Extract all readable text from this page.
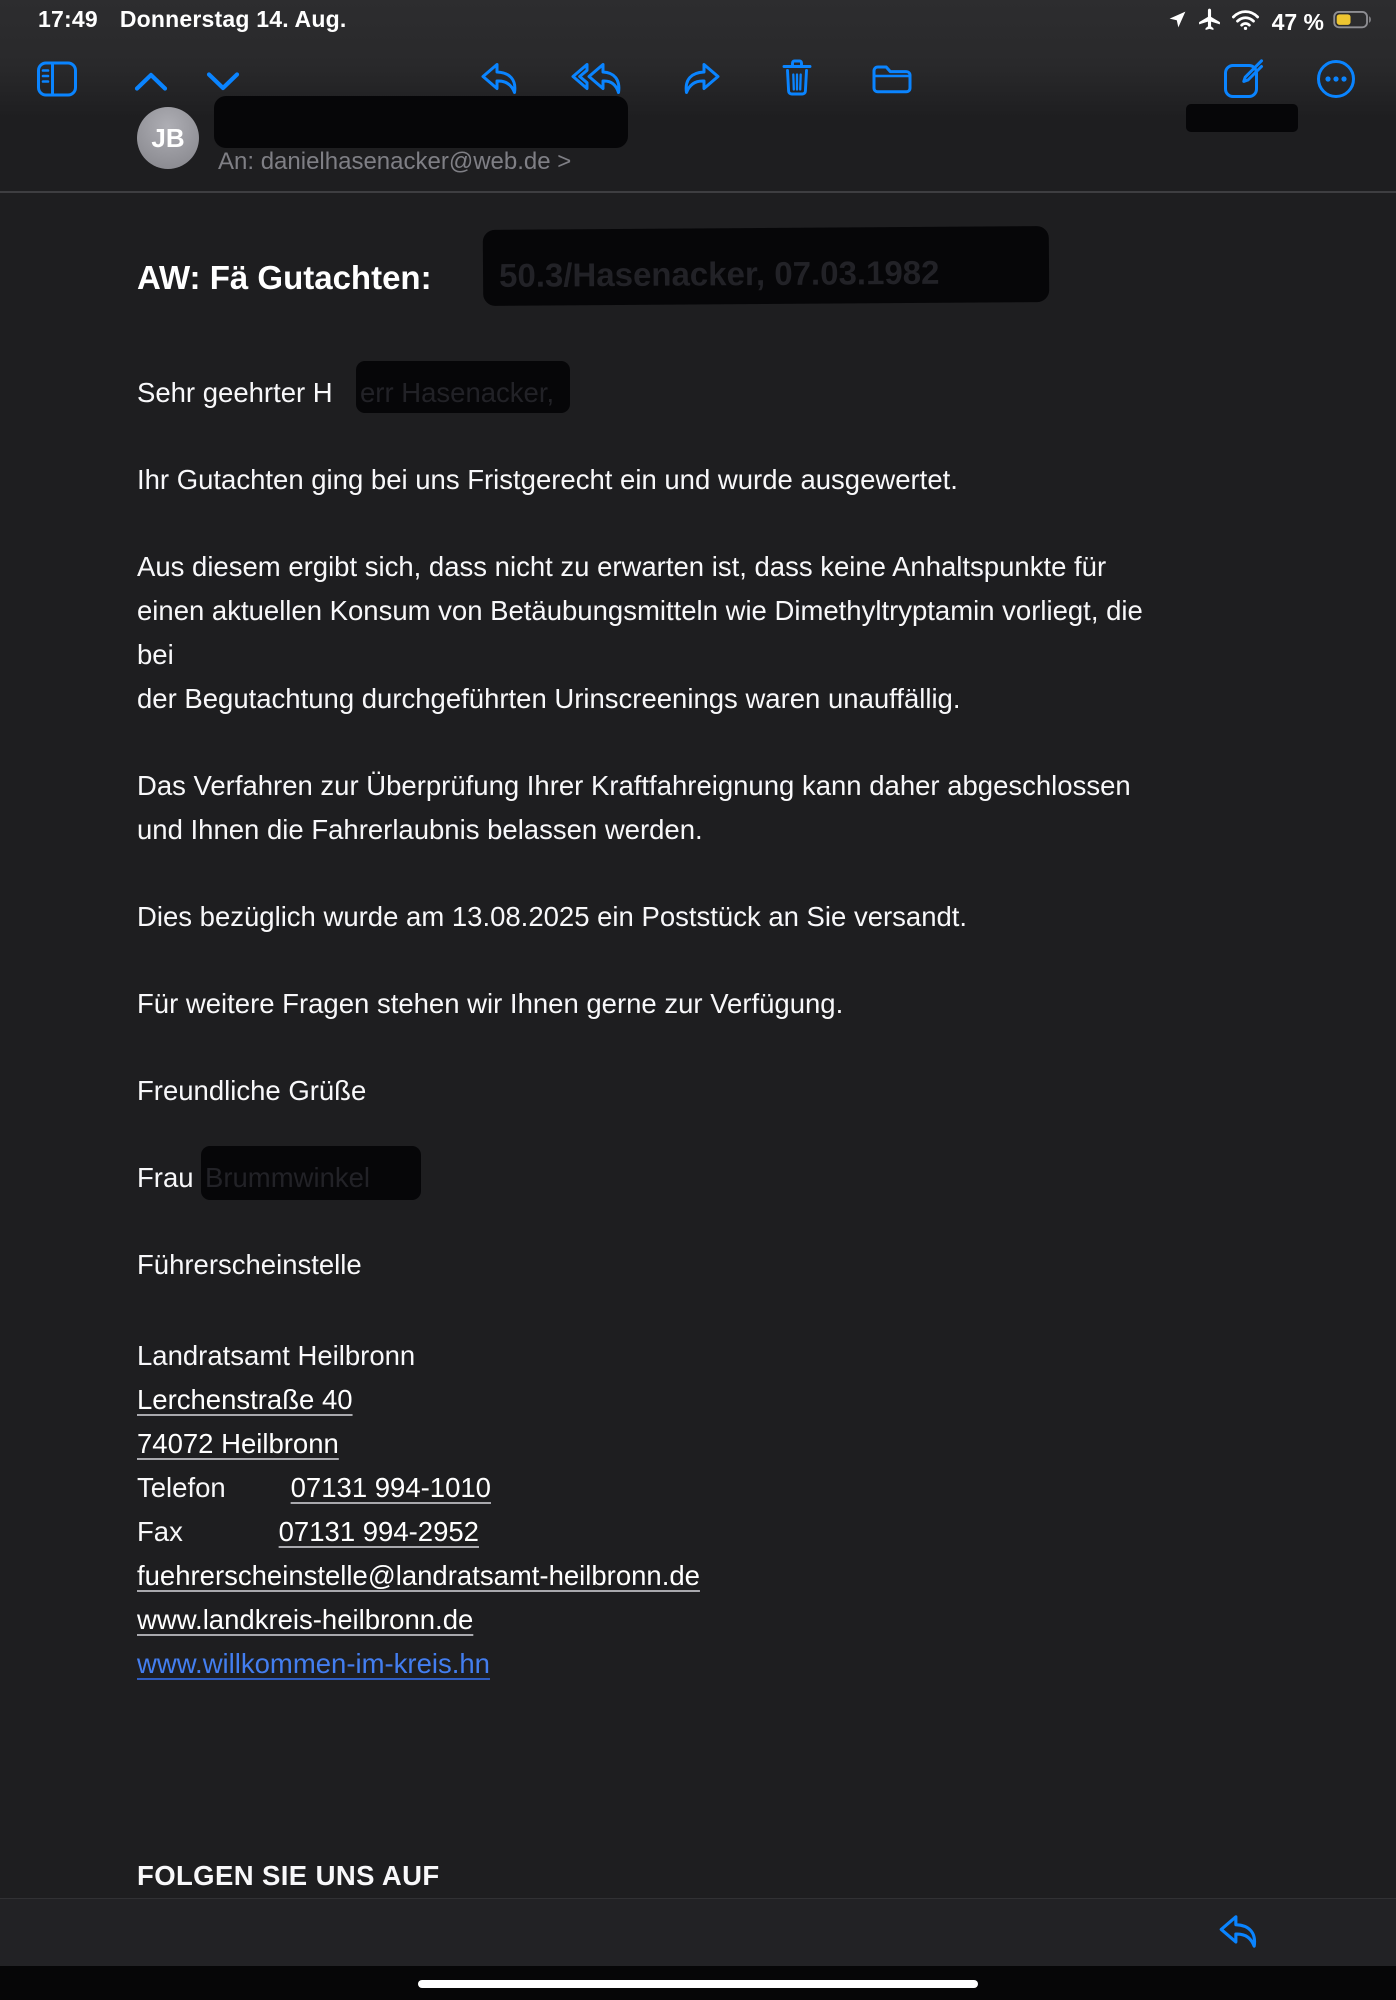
17:49 Donnerstag 14. Aug.	47 %
JB
An: danielhasenacker@web.de >
AW: Fä Gutachten:	50.3/Hasenacker, 07.03.1982
Sehr geehrter H err Hasenacker,
Ihr Gutachten ging bei uns Fristgerecht ein und wurde ausgewertet.
Aus diesem ergibt sich, dass nicht zu erwarten ist, dass keine Anhaltspunkte für
einen aktuellen Konsum von Betäubungsmitteln wie Dimethyltryptamin vorliegt, die
bei
der Begutachtung durchgeführten Urinscreenings waren unauffällig.
Das Verfahren zur Überprüfung Ihrer Kraftfahreignung kann daher abgeschlossen
und Ihnen die Fahrerlaubnis belassen werden.
Dies bezüglich wurde am 13.08.2025 ein Poststück an Sie versandt.
Für weitere Fragen stehen wir Ihnen gerne zur Verfügung.
Freundliche Grüße
Frau Brummwinkel
Führerscheinstelle
Landratsamt Heilbronn
Lerchenstraße 40
74072 Heilbronn
Telefon 07131 994-1010
Fax	07131 994-2952
fuehrerscheinstelle@landratsamt-heilbronn.de
www.landkreis-heilbronn.de
www.willkommen-im-kreis.hn
FOLGEN SIE UNS AUF
